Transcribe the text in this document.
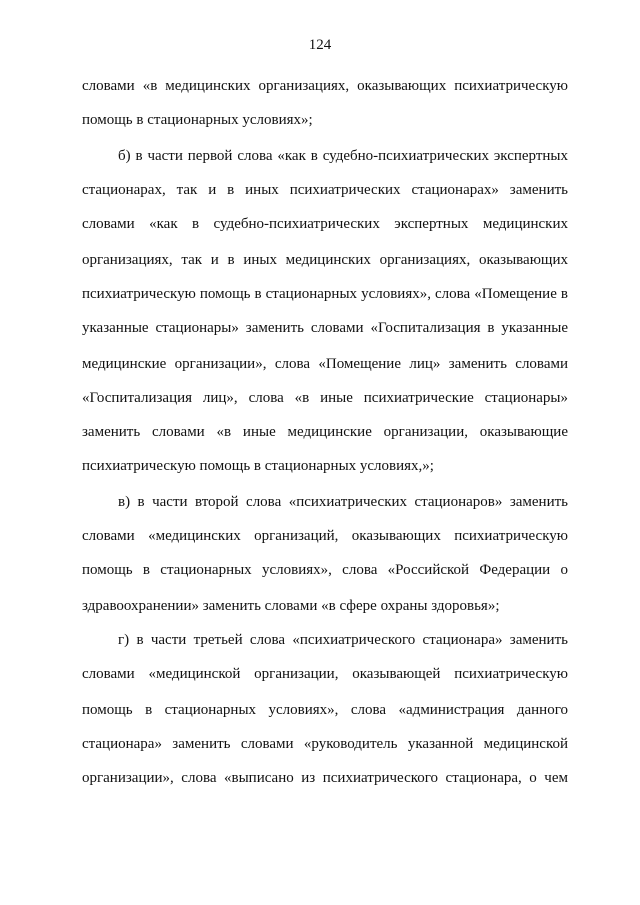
124
словами «в медицинских организациях, оказывающих психиатрическую
помощь в стационарных условиях»;
б) в части первой слова «как в судебно-психиатрических экспертных
стационарах, так и в иных психиатрических стационарах» заменить
словами «как в судебно-психиатрических экспертных медицинских
организациях, так и в иных медицинских организациях, оказывающих
психиатрическую помощь в стационарных условиях», слова «Помещение в
указанные стационары» заменить словами «Госпитализация в указанные
медицинские организации», слова «Помещение лиц» заменить словами
«Госпитализация лиц», слова «в иные психиатрические стационары»
заменить словами «в иные медицинские организации, оказывающие
психиатрическую помощь в стационарных условиях,»;
в) в части второй слова «психиатрических стационаров» заменить
словами «медицинских организаций, оказывающих психиатрическую
помощь в стационарных условиях», слова «Российской Федерации о
здравоохранении» заменить словами «в сфере охраны здоровья»;
г) в части третьей слова «психиатрического стационара» заменить
словами «медицинской организации, оказывающей психиатрическую
помощь в стационарных условиях», слова «администрация данного
стационара» заменить словами «руководитель указанной медицинской
организации», слова «выписано из психиатрического стационара, о чем
